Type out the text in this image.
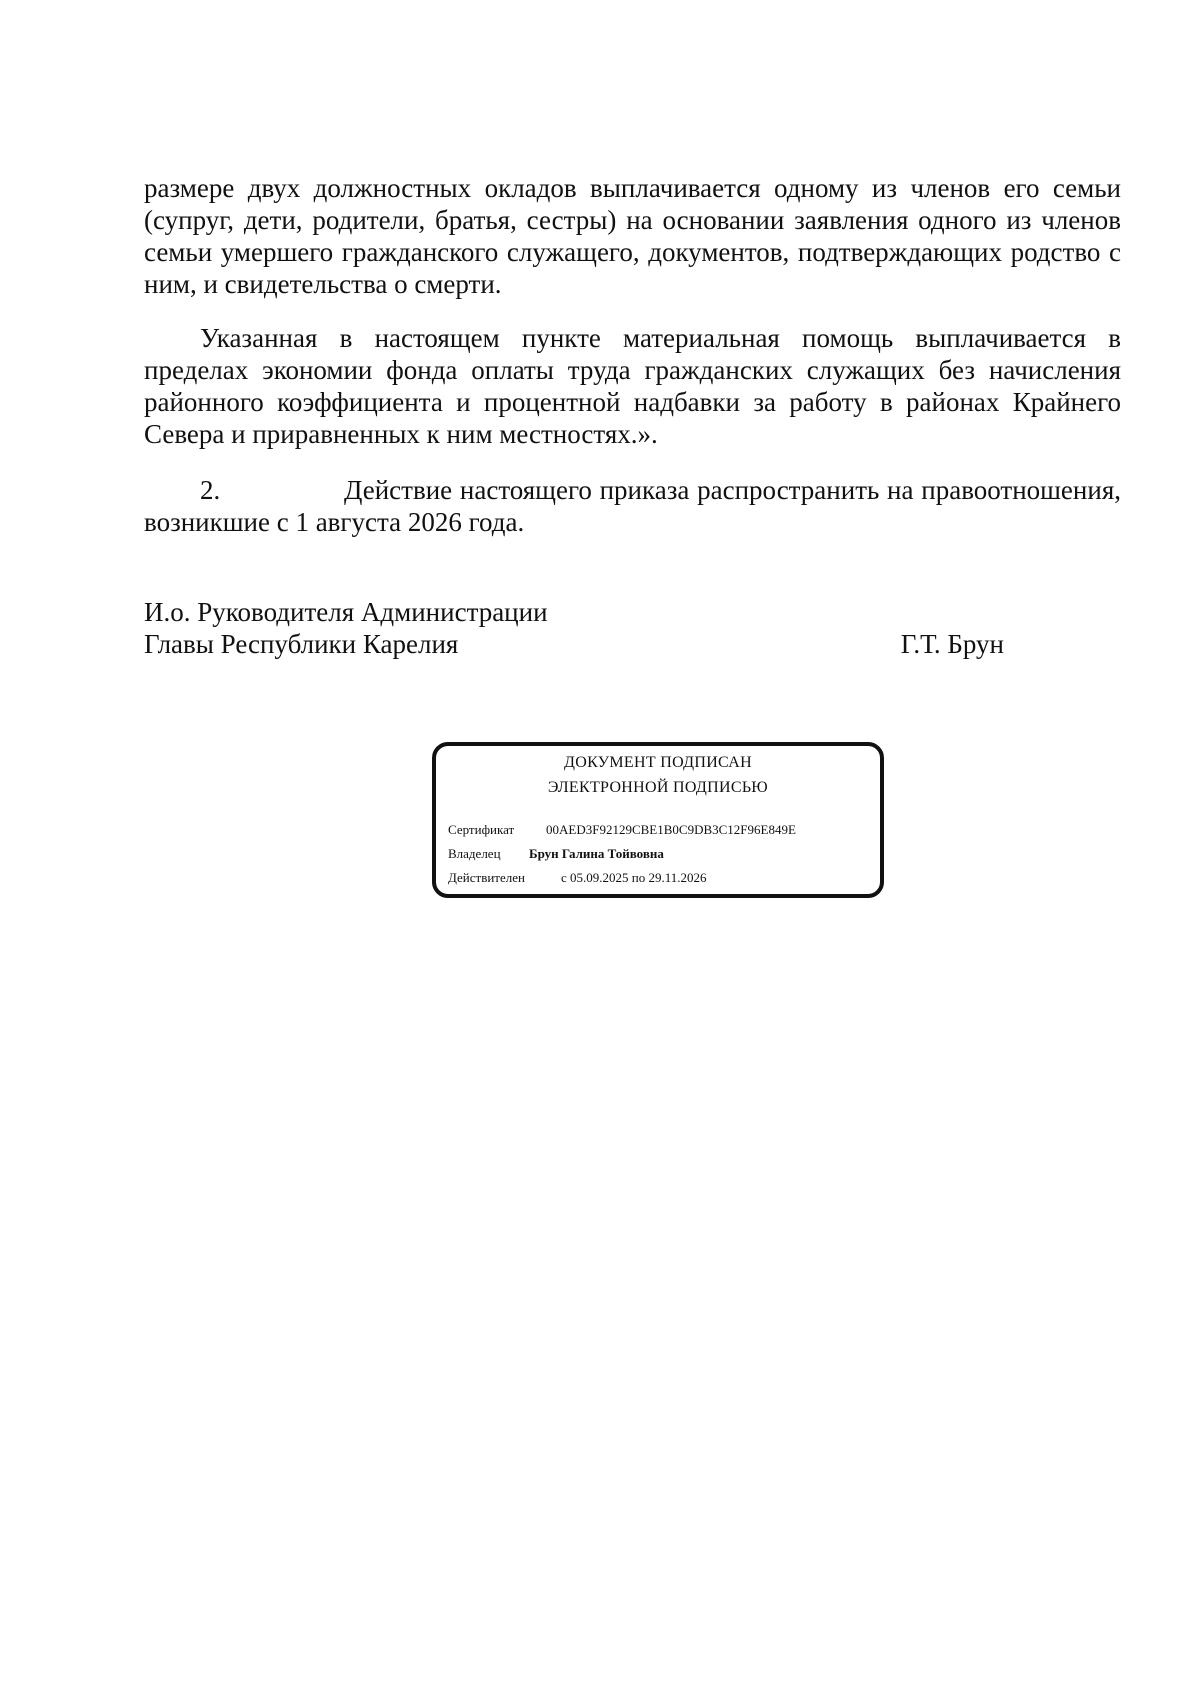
размере двух должностных окладов выплачивается одному из членов его семьи (супруг, дети, родители, братья, сестры) на основании заявления одного из членов семьи умершего гражданского служащего, документов, подтверждающих родство с ним, и свидетельства о смерти.

Указанная в настоящем пункте материальная помощь выплачивается в пределах экономии фонда оплаты труда гражданских служащих без начисления районного коэффициента и процентной надбавки за работу в районах Крайнего Севера и приравненных к ним местностях.».

2.	Действие настоящего приказа распространить на правоотношения, возникшие с 1 августа 2026 года.

И.о. Руководителя Администрации
Главы Республики Карелия	Г.Т. Брун
ДОКУМЕНТ ПОДПИСАН
ЭЛЕКТРОННОЙ ПОДПИСЬЮ
Сертификат 00AED3F92129CBE1B0C9DB3C12F96E849E
Владелец Брун Галина Тойвовна
Действителен	с 05.09.2025 по 29.11.2026
